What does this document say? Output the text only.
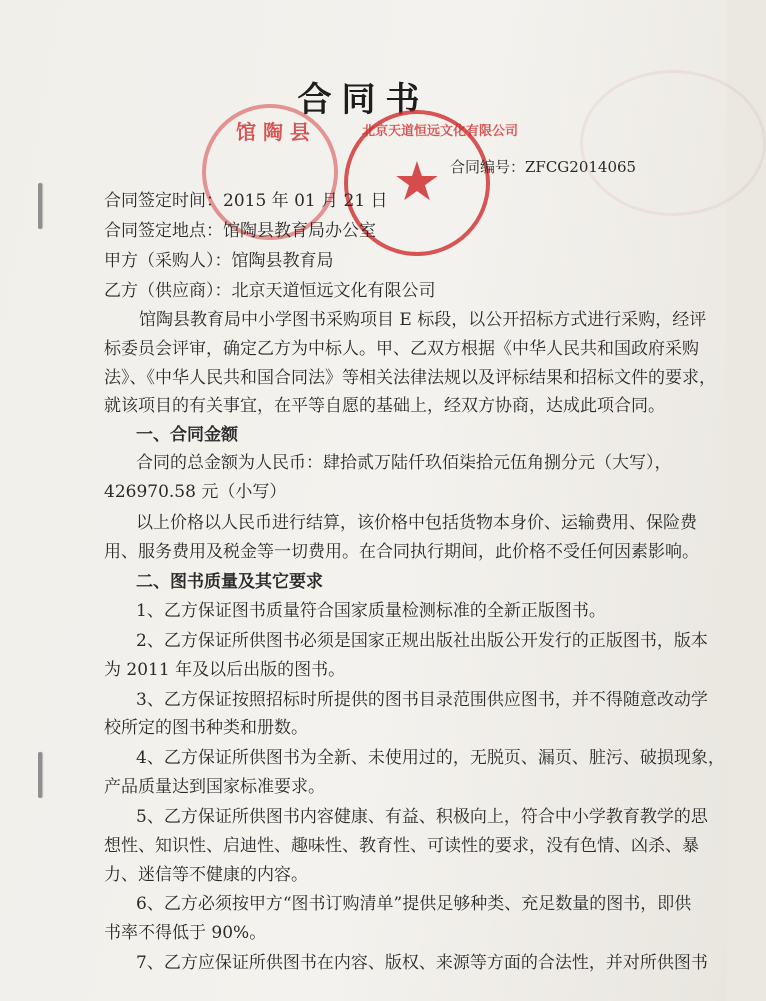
合同书
馆 陶 县	北京天道恒远文化有限公司
★ 合同编号：ZFCG2014065
合同签定时间：2015 年 01 月 21 日
合同签定地点：馆陶县教育局办公室
甲方（采购人）：馆陶县教育局
乙方（供应商）：北京天道恒远文化有限公司
馆陶县教育局中小学图书采购项目 E 标段，以公开招标方式进行采购，经评
标委员会评审，确定乙方为中标人。甲、乙双方根据《中华人民共和国政府采购
法》、《中华人民共和国合同法》等相关法律法规以及评标结果和招标文件的要求，
就该项目的有关事宜，在平等自愿的基础上，经双方协商，达成此项合同。
一、合同金额
合同的总金额为人民币：肆拾贰万陆仟玖佰柒拾元伍角捌分元（大写），
426970.58 元（小写）
以上价格以人民币进行结算，该价格中包括货物本身价、运输费用、保险费
用、服务费用及税金等一切费用。在合同执行期间，此价格不受任何因素影响。
二、图书质量及其它要求
1、乙方保证图书质量符合国家质量检测标准的全新正版图书。
2、乙方保证所供图书必须是国家正规出版社出版公开发行的正版图书，版本
为 2011 年及以后出版的图书。
3、乙方保证按照招标时所提供的图书目录范围供应图书，并不得随意改动学
校所定的图书种类和册数。
4、乙方保证所供图书为全新、未使用过的，无脱页、漏页、脏污、破损现象，
产品质量达到国家标准要求。
5、乙方保证所供图书内容健康、有益、积极向上，符合中小学教育教学的思
想性、知识性、启迪性、趣味性、教育性、可读性的要求，没有色情、凶杀、暴
力、迷信等不健康的内容。
6、乙方必须按甲方“图书订购清单”提供足够种类、充足数量的图书，即供
书率不得低于 90%。
7、乙方应保证所供图书在内容、版权、来源等方面的合法性，并对所供图书
